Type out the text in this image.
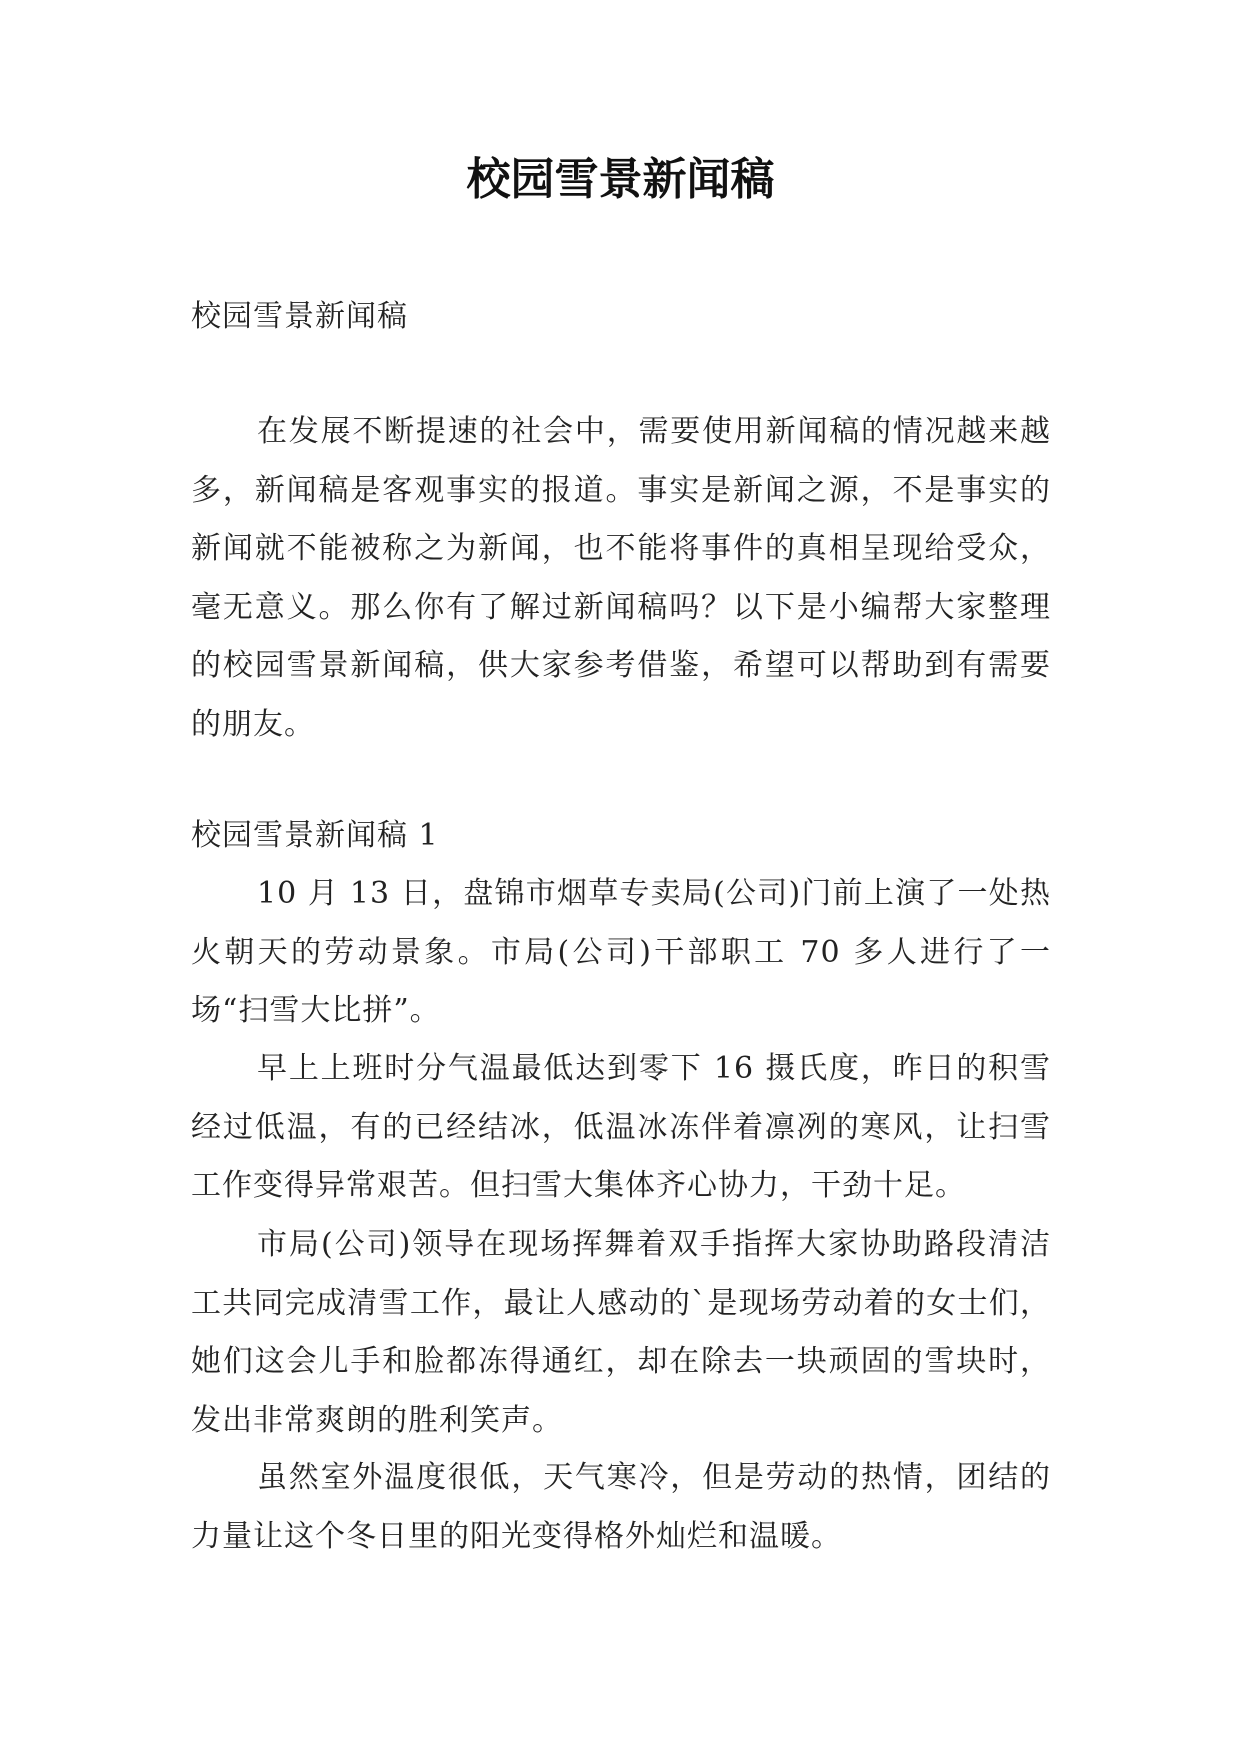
校园雪景新闻稿

校园雪景新闻稿

在发展不断提速的社会中，需要使用新闻稿的情况越来越多，新闻稿是客观事实的报道。事实是新闻之源，不是事实的新闻就不能被称之为新闻，也不能将事件的真相呈现给受众，毫无意义。那么你有了解过新闻稿吗？以下是小编帮大家整理的校园雪景新闻稿，供大家参考借鉴，希望可以帮助到有需要的朋友。

校园雪景新闻稿 1

10 月 13 日，盘锦市烟草专卖局(公司)门前上演了一处热火朝天的劳动景象。市局(公司)干部职工 70 多人进行了一场“扫雪大比拼”。

早上上班时分气温最低达到零下 16 摄氏度，昨日的积雪经过低温，有的已经结冰，低温冰冻伴着凛冽的寒风，让扫雪工作变得异常艰苦。但扫雪大集体齐心协力，干劲十足。

市局(公司)领导在现场挥舞着双手指挥大家协助路段清洁工共同完成清雪工作，最让人感动的`是现场劳动着的女士们，她们这会儿手和脸都冻得通红，却在除去一块顽固的雪块时，发出非常爽朗的胜利笑声。

虽然室外温度很低，天气寒冷，但是劳动的热情，团结的力量让这个冬日里的阳光变得格外灿烂和温暖。
